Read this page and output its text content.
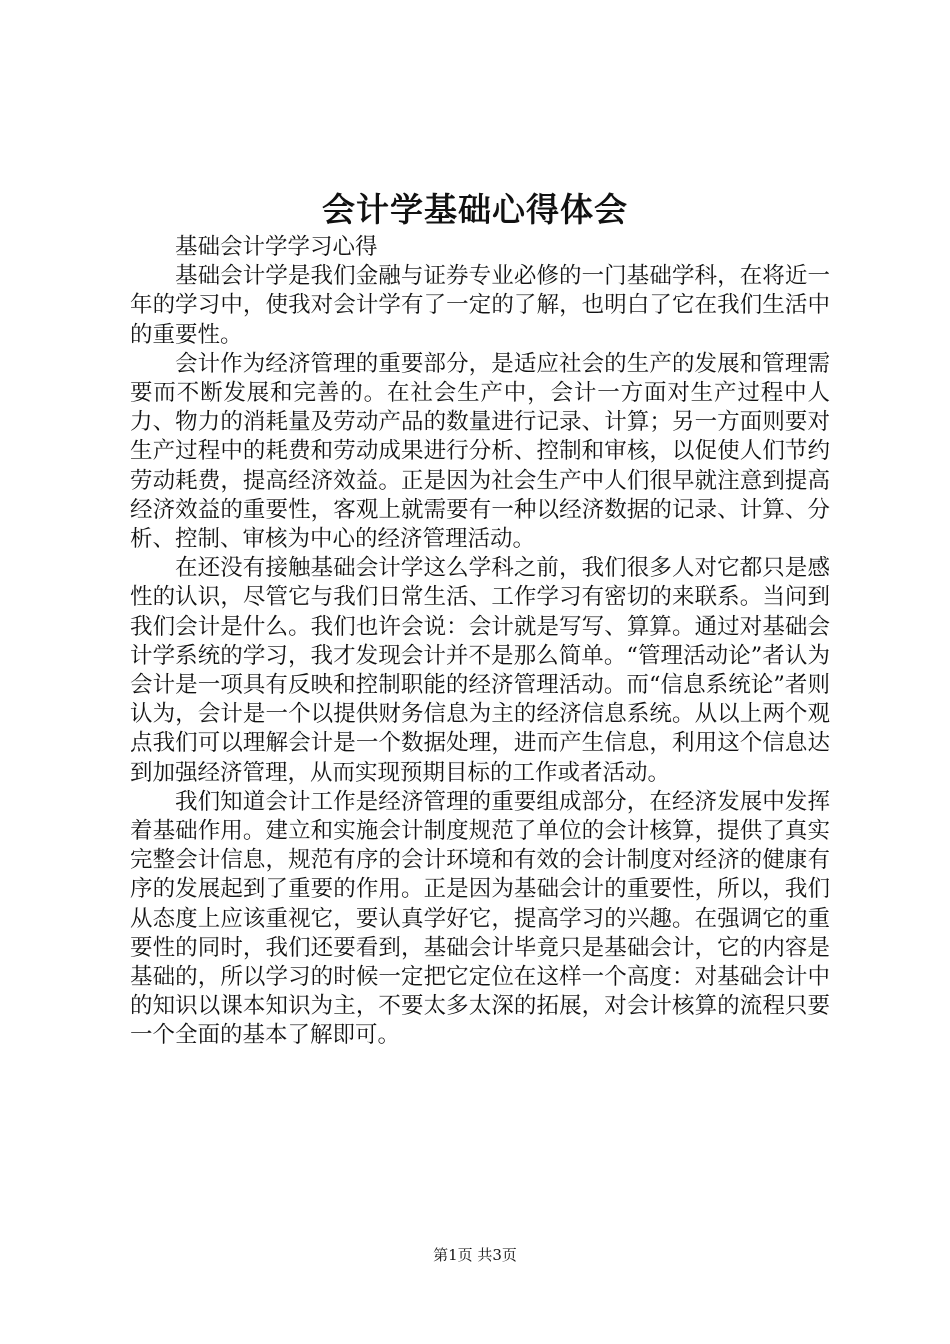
会计学基础心得体会

基础会计学学习心得

基础会计学是我们金融与证券专业必修的一门基础学科，在将近一年的学习中，使我对会计学有了一定的了解，也明白了它在我们生活中的重要性。

会计作为经济管理的重要部分，是适应社会的生产的发展和管理需要而不断发展和完善的。在社会生产中，会计一方面对生产过程中人力、物力的消耗量及劳动产品的数量进行记录、计算；另一方面则要对生产过程中的耗费和劳动成果进行分析、控制和审核，以促使人们节约劳动耗费，提高经济效益。正是因为社会生产中人们很早就注意到提高经济效益的重要性，客观上就需要有一种以经济数据的记录、计算、分析、控制、审核为中心的经济管理活动。

在还没有接触基础会计学这么学科之前，我们很多人对它都只是感性的认识，尽管它与我们日常生活、工作学习有密切的来联系。当问到我们会计是什么。我们也许会说：会计就是写写、算算。通过对基础会计学系统的学习，我才发现会计并不是那么简单。“管理活动论”者认为会计是一项具有反映和控制职能的经济管理活动。而“信息系统论”者则认为，会计是一个以提供财务信息为主的经济信息系统。从以上两个观点我们可以理解会计是一个数据处理，进而产生信息，利用这个信息达到加强经济管理，从而实现预期目标的工作或者活动。

我们知道会计工作是经济管理的重要组成部分，在经济发展中发挥着基础作用。建立和实施会计制度规范了单位的会计核算，提供了真实完整会计信息，规范有序的会计环境和有效的会计制度对经济的健康有序的发展起到了重要的作用。正是因为基础会计的重要性，所以，我们从态度上应该重视它，要认真学好它，提高学习的兴趣。在强调它的重要性的同时，我们还要看到，基础会计毕竟只是基础会计，它的内容是基础的，所以学习的时候一定把它定位在这样一个高度：对基础会计中的知识以课本知识为主，不要太多太深的拓展，对会计核算的流程只要一个全面的基本了解即可。

第1页 共3页
